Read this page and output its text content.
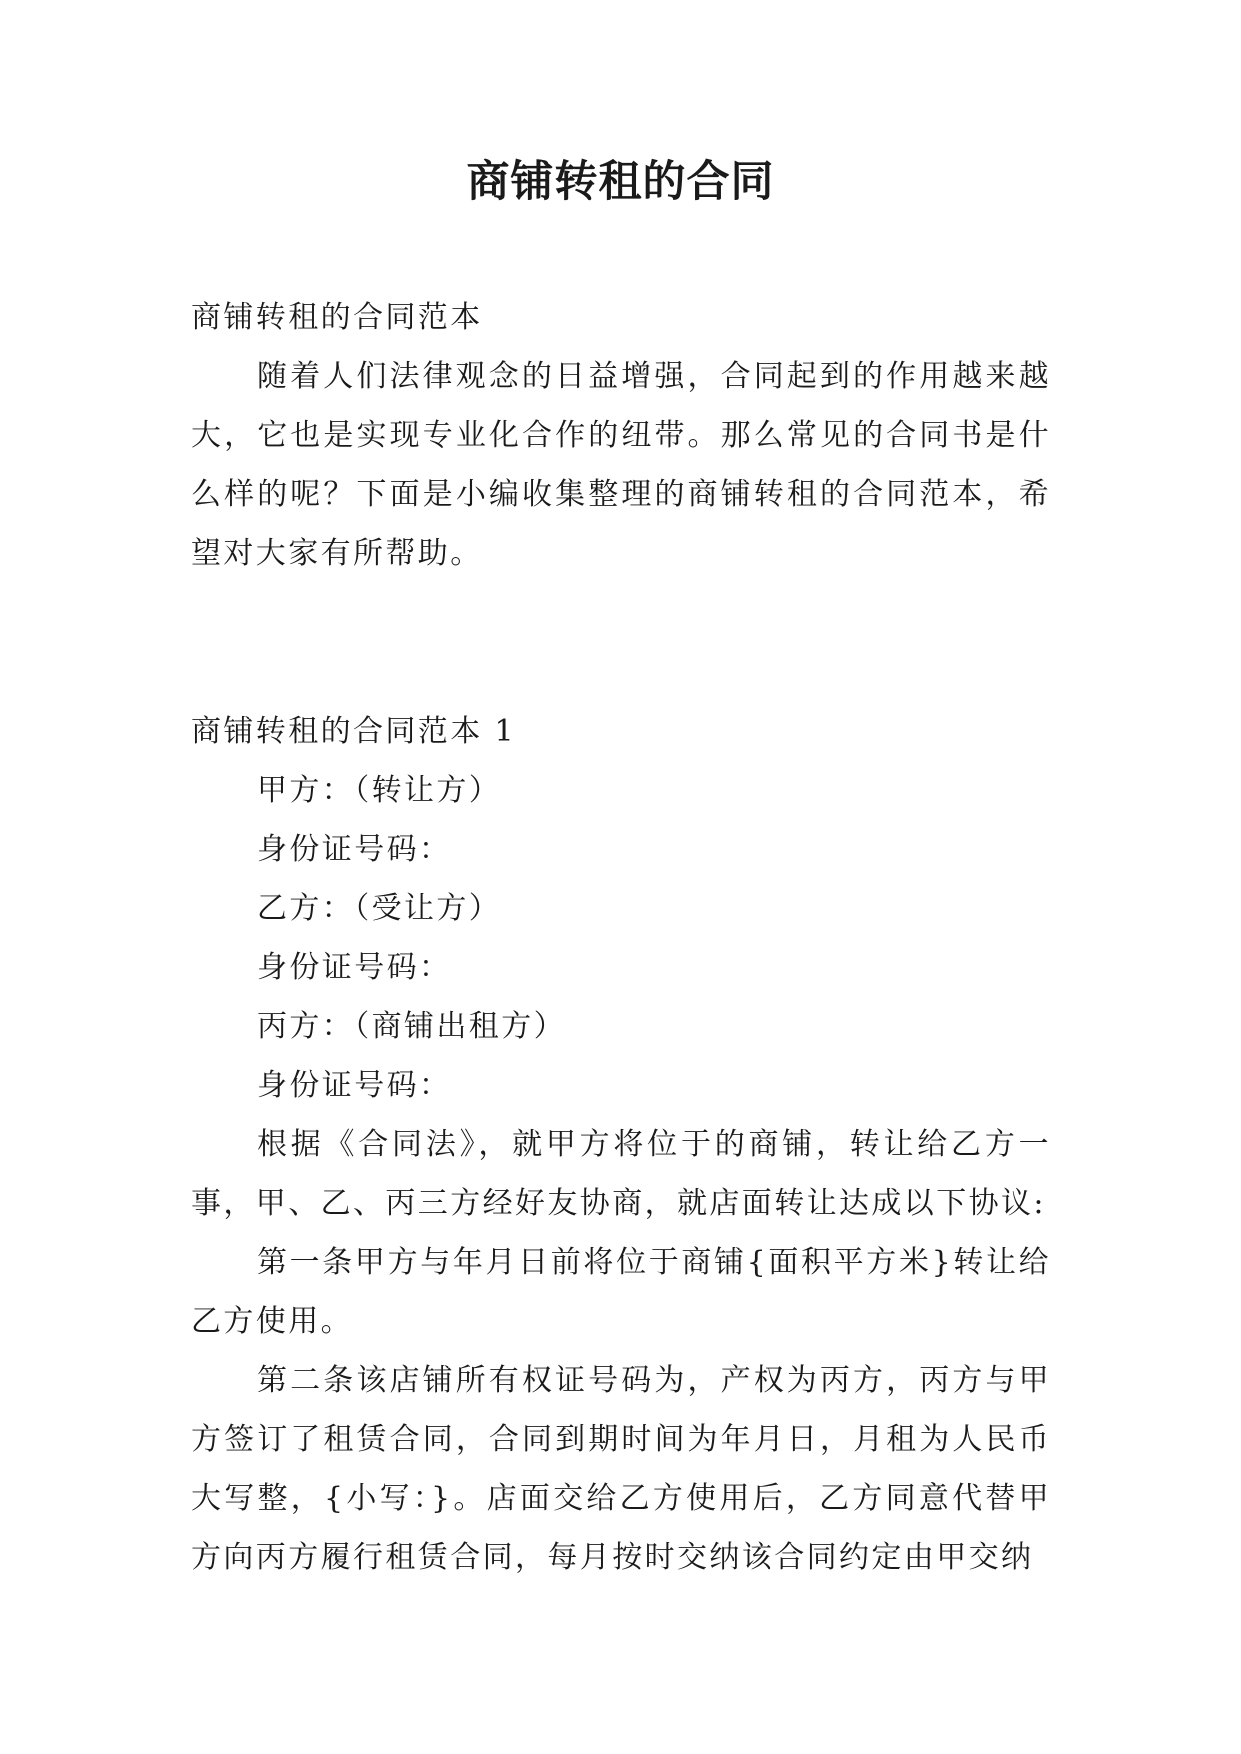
商铺转租的合同

商铺转租的合同范本

随着人们法律观念的日益增强，合同起到的作用越来越大，它也是实现专业化合作的纽带。那么常见的合同书是什么样的呢？下面是小编收集整理的商铺转租的合同范本，希望对大家有所帮助。

商铺转租的合同范本 1

甲方：（转让方）

身份证号码：

乙方：（受让方）

身份证号码：

丙方：（商铺出租方）

身份证号码：

根据《合同法》，就甲方将位于的商铺，转让给乙方一事，甲、乙、丙三方经好友协商，就店面转让达成以下协议:

第一条甲方与年月日前将位于商铺{面积平方米}转让给乙方使用。

第二条该店铺所有权证号码为，产权为丙方，丙方与甲方签订了租赁合同，合同到期时间为年月日，月租为人民币大写整，{小写：}。店面交给乙方使用后，乙方同意代替甲方向丙方履行租赁合同，每月按时交纳该合同约定由甲交纳
